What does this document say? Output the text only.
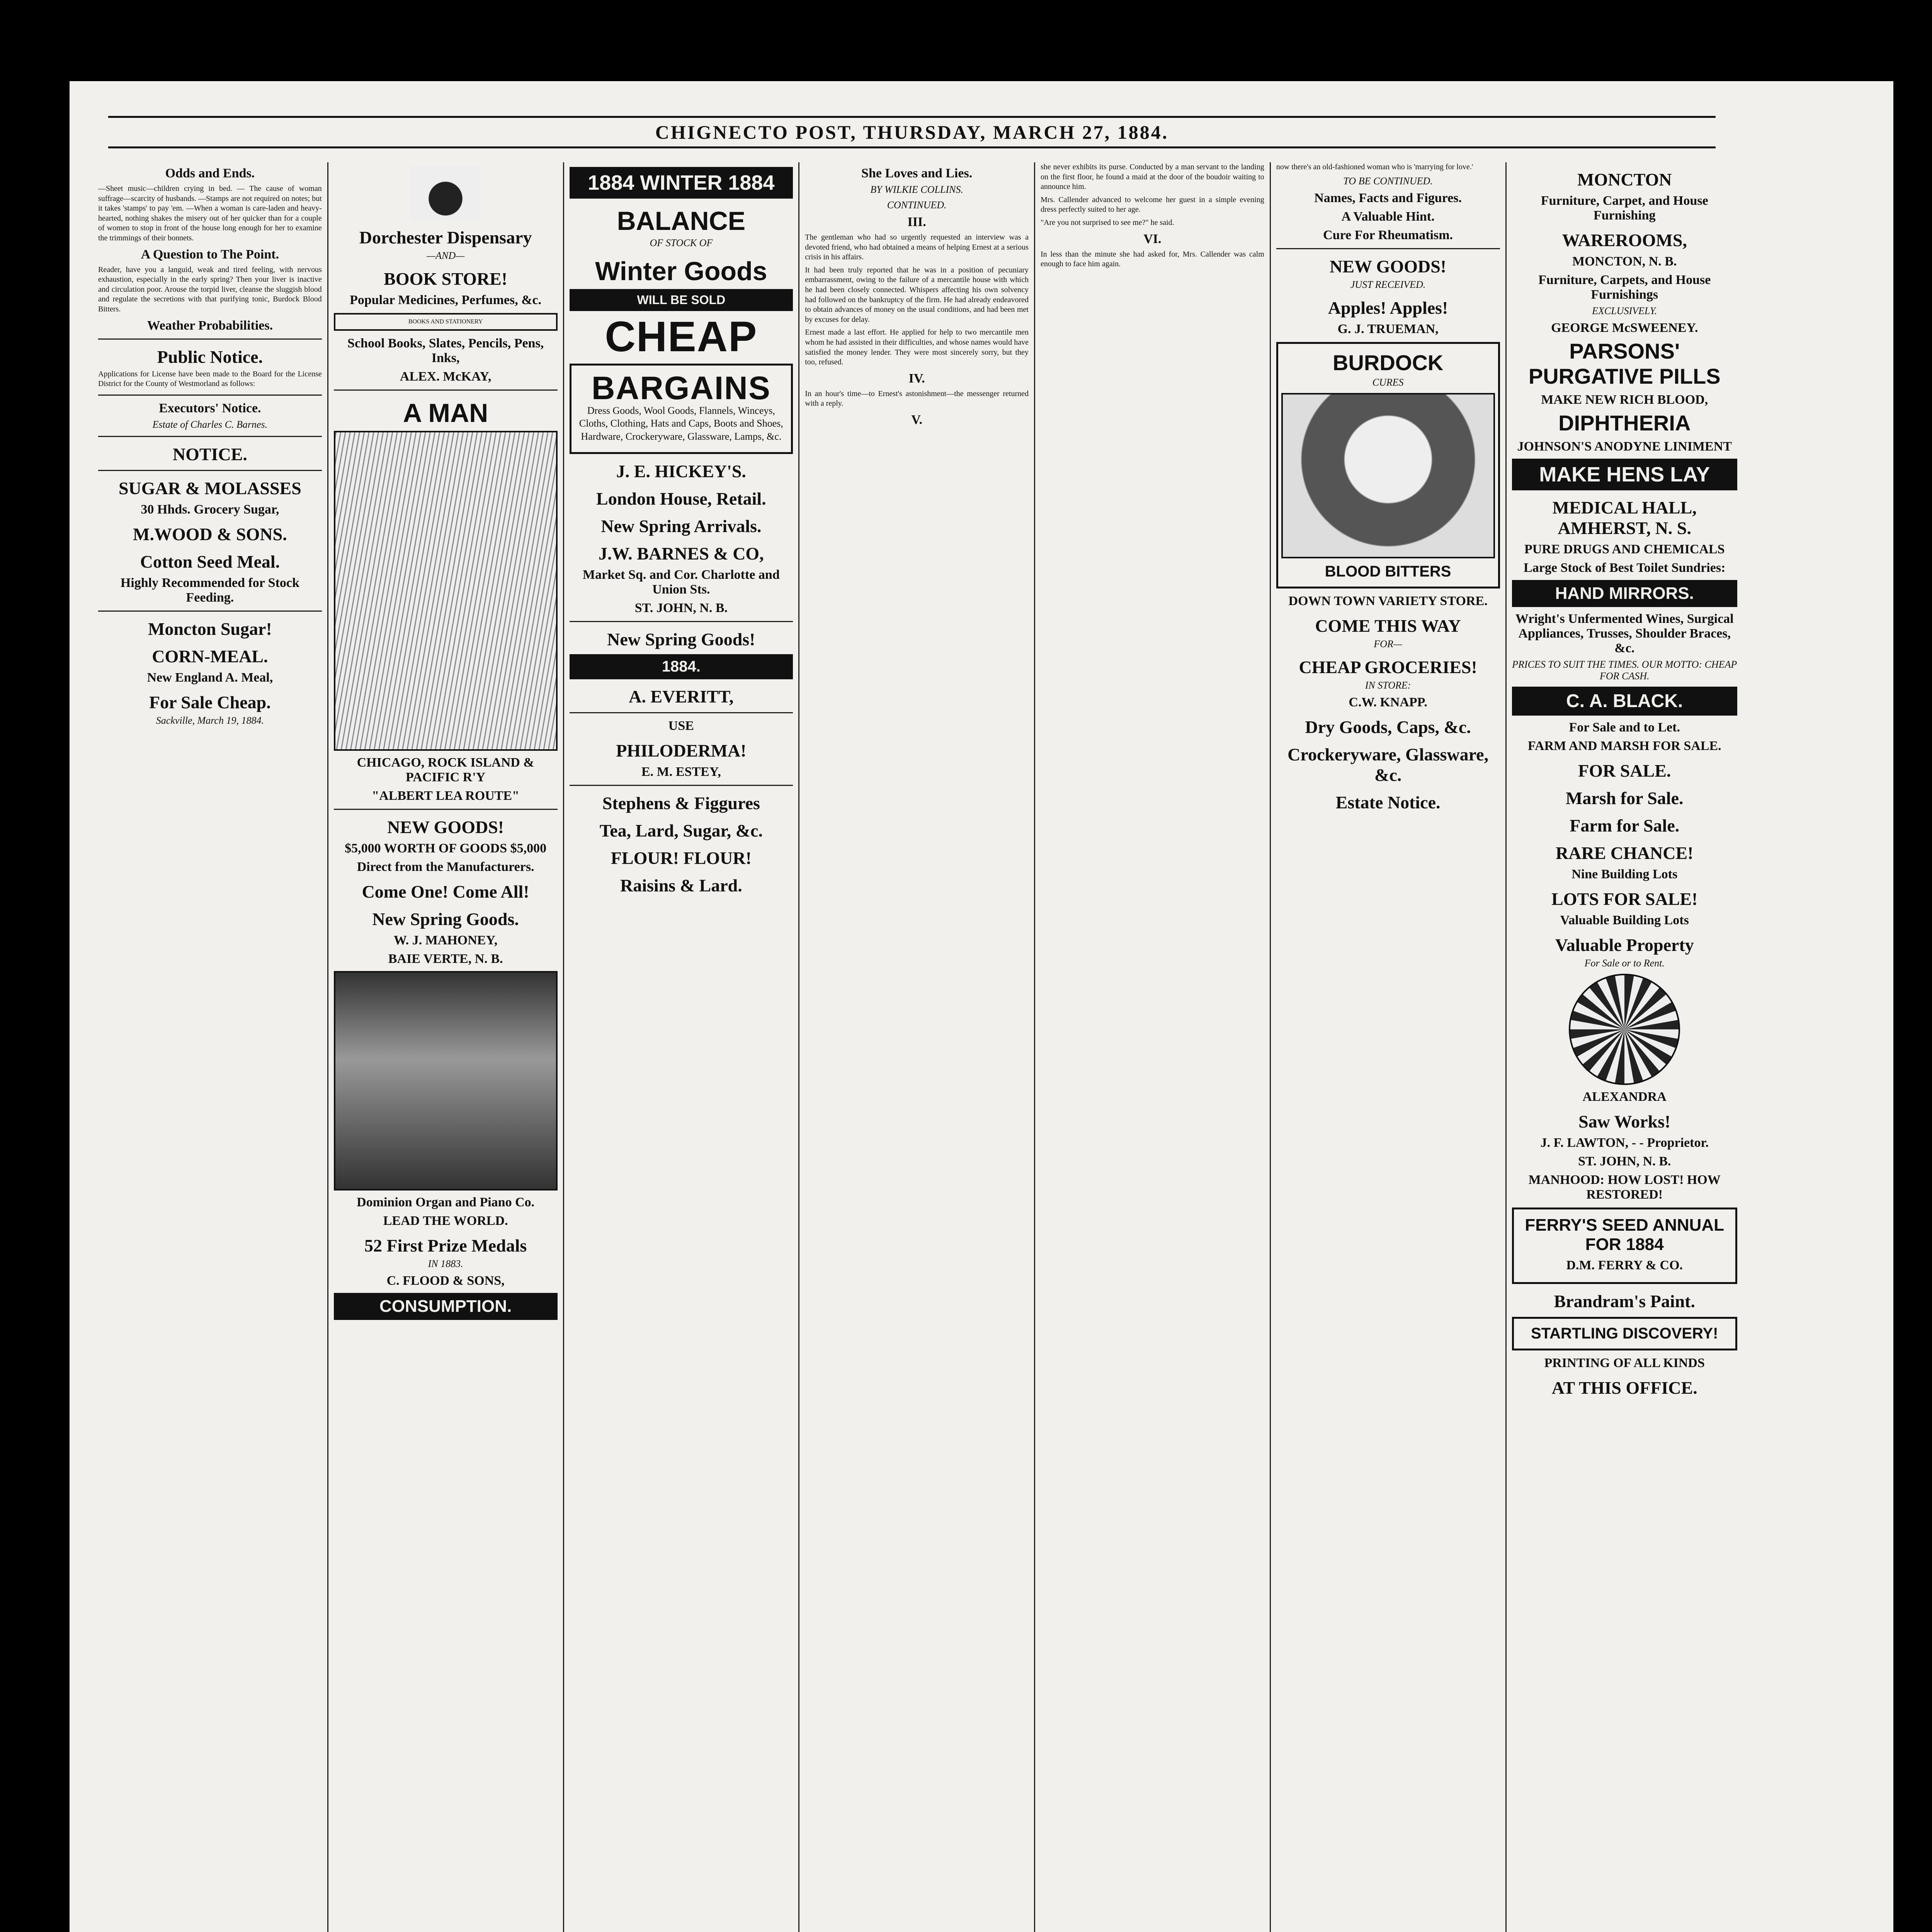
CHIGNECTO POST, THURSDAY, MARCH 27, 1884.
Odds and Ends.

—Sheet music—children crying in bed. — The cause of woman suffrage—scarcity of husbands. —Stamps are not required on notes; but it takes 'stamps' to pay 'em. —When a woman is care-laden and heavy-hearted, nothing shakes the misery out of her quicker than for a couple of women to stop in front of the house long enough for her to examine the trimmings of their bonnets.

A Question to The Point.

Reader, have you a languid, weak and tired feeling, with nervous exhaustion, especially in the early spring? Then your liver is inactive and circulation poor. Arouse the torpid liver, cleanse the sluggish blood and regulate the secretions with that purifying tonic, Burdock Blood Bitters.

Weather Probabilities.
Public Notice.

Applications for License have been made to the Board for the License District for the County of Westmorland as follows:

Executors' Notice.
Estate of Charles C. Barnes.
NOTICE.
SUGAR & MOLASSES
30 Hhds. Grocery Sugar,
M.WOOD & SONS.
Cotton Seed Meal.
Highly Recommended for Stock Feeding.
Moncton Sugar!
CORN-MEAL.
New England A. Meal,
For Sale Cheap.
Sackville, March 19, 1884.
Dorchester Dispensary
—AND—
BOOK STORE!
Popular Medicines, Perfumes, &c.
BOOKS AND STATIONERY
School Books, Slates, Pencils, Pens, Inks,
ALEX. McKAY,
A MAN
CHICAGO, ROCK ISLAND & PACIFIC R'Y
"ALBERT LEA ROUTE"
NEW GOODS!
$5,000 WORTH OF GOODS $5,000
Direct from the Manufacturers.
Come One! Come All!
New Spring Goods.
W. J. MAHONEY,
BAIE VERTE, N. B.
Dominion Organ and Piano Co.
LEAD THE WORLD.
52 First Prize Medals
IN 1883.
C. FLOOD & SONS,
CONSUMPTION.
1884 WINTER 1884
BALANCE
OF STOCK OF
Winter Goods
WILL BE SOLD
CHEAP
BARGAINS

Dress Goods, Wool Goods, Flannels, Winceys, Cloths, Clothing, Hats and Caps, Boots and Shoes, Hardware, Crockeryware, Glassware, Lamps, &c.

J. E. HICKEY'S.
London House, Retail.
New Spring Arrivals.
J.W. BARNES & CO,
Market Sq. and Cor. Charlotte and Union Sts.
ST. JOHN, N. B.
New Spring Goods!
1884.
A. EVERITT,
USE
PHILODERMA!
E. M. ESTEY,
Stephens & Figgures
Tea, Lard, Sugar, &c.
FLOUR! FLOUR!
Raisins & Lard.
She Loves and Lies.
BY WILKIE COLLINS.
CONTINUED.
III.

The gentleman who had so urgently requested an interview was a devoted friend, who had obtained a means of helping Ernest at a serious crisis in his affairs.

It had been truly reported that he was in a position of pecuniary embarrassment, owing to the failure of a mercantile house with which he had been closely connected. Whispers affecting his own solvency had followed on the bankruptcy of the firm. He had already endeavored to obtain advances of money on the usual conditions, and had been met by excuses for delay.

Ernest made a last effort. He applied for help to two mercantile men whom he had assisted in their difficulties, and whose names would have satisfied the money lender. They were most sincerely sorry, but they too, refused.

IV.

In an hour's time—to Ernest's astonishment—the messenger returned with a reply.

V.

she never exhibits its purse. Conducted by a man servant to the landing on the first floor, he found a maid at the door of the boudoir waiting to announce him.

Mrs. Callender advanced to welcome her guest in a simple evening dress perfectly suited to her age.

"Are you not surprised to see me?" he said.

VI.

In less than the minute she had asked for, Mrs. Callender was calm enough to face him again.

now there's an old-fashioned woman who is 'marrying for love.'

TO BE CONTINUED.
Names, Facts and Figures.
A Valuable Hint.
Cure For Rheumatism.
NEW GOODS!
JUST RECEIVED.
Apples! Apples!
G. J. TRUEMAN,
BURDOCK
CURES
BLOOD BITTERS
DOWN TOWN VARIETY STORE.
COME THIS WAY
FOR—
CHEAP GROCERIES!
IN STORE:
C.W. KNAPP.
Dry Goods, Caps, &c.
Crockeryware, Glassware, &c.
Estate Notice.
MONCTON
Furniture, Carpet, and House Furnishing
WAREROOMS,
MONCTON, N. B.
Furniture, Carpets, and House Furnishings
EXCLUSIVELY.
GEORGE McSWEENEY.
PARSONS' PURGATIVE PILLS
MAKE NEW RICH BLOOD,
DIPHTHERIA
JOHNSON'S ANODYNE LINIMENT
MAKE HENS LAY
MEDICAL HALL, AMHERST, N. S.
PURE DRUGS AND CHEMICALS
Large Stock of Best Toilet Sundries:
HAND MIRRORS.
Wright's Unfermented Wines, Surgical Appliances, Trusses, Shoulder Braces, &c.
PRICES TO SUIT THE TIMES. OUR MOTTO: CHEAP FOR CASH.
C. A. BLACK.
For Sale and to Let.
FARM AND MARSH FOR SALE.
FOR SALE.
Marsh for Sale.
Farm for Sale.
RARE CHANCE!
Nine Building Lots
LOTS FOR SALE!
Valuable Building Lots
Valuable Property
For Sale or to Rent.
ALEXANDRA
Saw Works!
J. F. LAWTON, - - Proprietor.
ST. JOHN, N. B.
MANHOOD: HOW LOST! HOW RESTORED!
FERRY'S SEED ANNUAL FOR 1884
D.M. FERRY & CO.
Brandram's Paint.
STARTLING DISCOVERY!
PRINTING OF ALL KINDS
AT THIS OFFICE.
